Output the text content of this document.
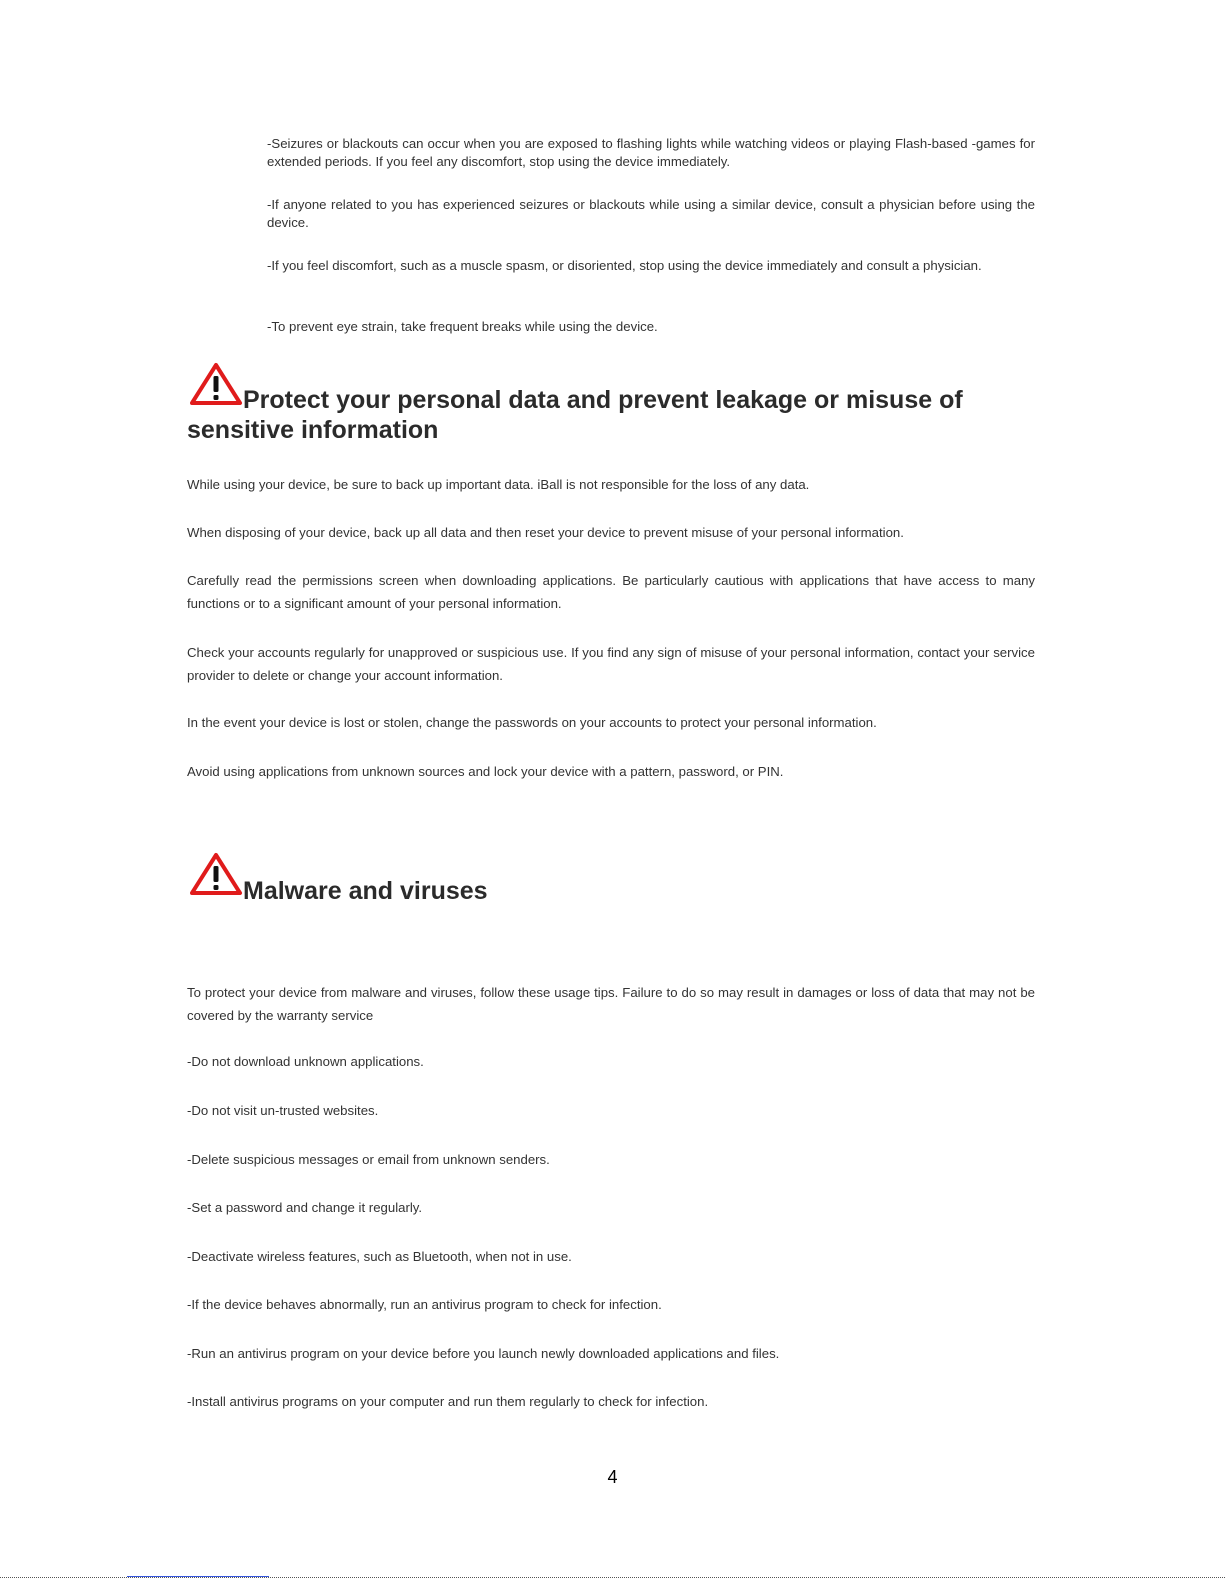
-Seizures or blackouts can occur when you are exposed to flashing lights while watching videos or playing Flash-based -games for extended periods. If you feel any discomfort, stop using the device immediately.

-If anyone related to you has experienced seizures or blackouts while using a similar device, consult a physician before using the device.

-If you feel discomfort, such as a muscle spasm, or disoriented, stop using the device immediately and consult a physician.

-To prevent eye strain, take frequent breaks while using the device.

Protect your personal data and prevent leakage or misuse of
sensitive information

While using your device, be sure to back up important data. iBall is not responsible for the loss of any data.

When disposing of your device, back up all data and then reset your device to prevent misuse of your personal information.

Carefully read the permissions screen when downloading applications. Be particularly cautious with applications that have access to many functions or to a significant amount of your personal information.

Check your accounts regularly for unapproved or suspicious use. If you find any sign of misuse of your personal information, contact your service provider to delete or change your account information.

In the event your device is lost or stolen, change the passwords on your accounts to protect your personal information.

Avoid using applications from unknown sources and lock your device with a pattern, password, or PIN.

Malware and viruses

To protect your device from malware and viruses, follow these usage tips. Failure to do so may result in damages or loss of data that may not be covered by the warranty service

-Do not download unknown applications.

-Do not visit un-trusted websites.

-Delete suspicious messages or email from unknown senders.

-Set a password and change it regularly.

-Deactivate wireless features, such as Bluetooth, when not in use.

-If the device behaves abnormally, run an antivirus program to check for infection.

-Run an antivirus program on your device before you launch newly downloaded applications and files.

-Install antivirus programs on your computer and run them regularly to check for infection.

4
